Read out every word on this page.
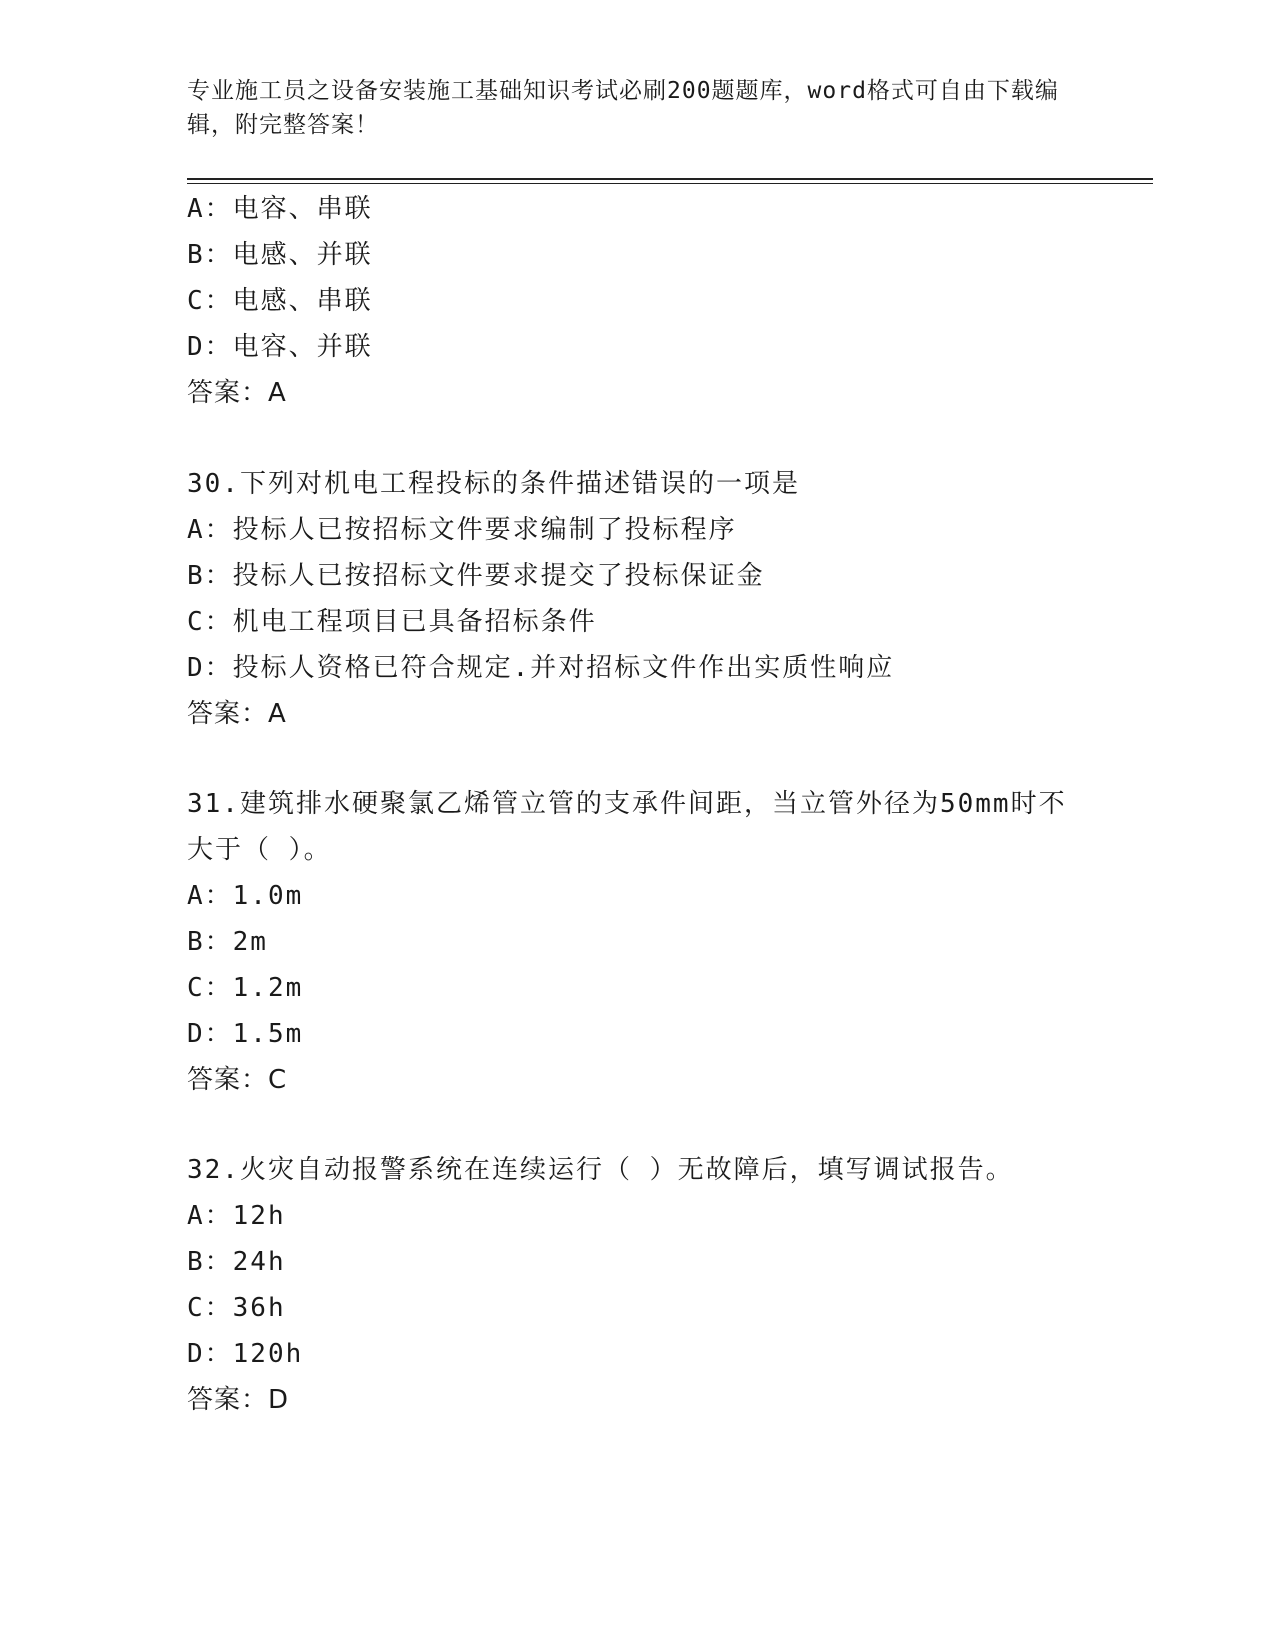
专业施工员之设备安装施工基础知识考试必刷200题题库，word格式可自由下载编辑，附完整答案！
A：电容、串联
B：电感、并联
C：电感、串联
D：电容、并联
答案：A
30.下列对机电工程投标的条件描述错误的一项是
A：投标人已按招标文件要求编制了投标程序
B：投标人已按招标文件要求提交了投标保证金
C：机电工程项目已具备招标条件
D：投标人资格已符合规定.并对招标文件作出实质性响应
答案：A
31.建筑排水硬聚氯乙烯管立管的支承件间距，当立管外径为50mm时不大于（ ）。
A：1.0m
B：2m
C：1.2m
D：1.5m
答案：C
32.火灾自动报警系统在连续运行（ ）无故障后，填写调试报告。
A：12h
B：24h
C：36h
D：120h
答案：D
